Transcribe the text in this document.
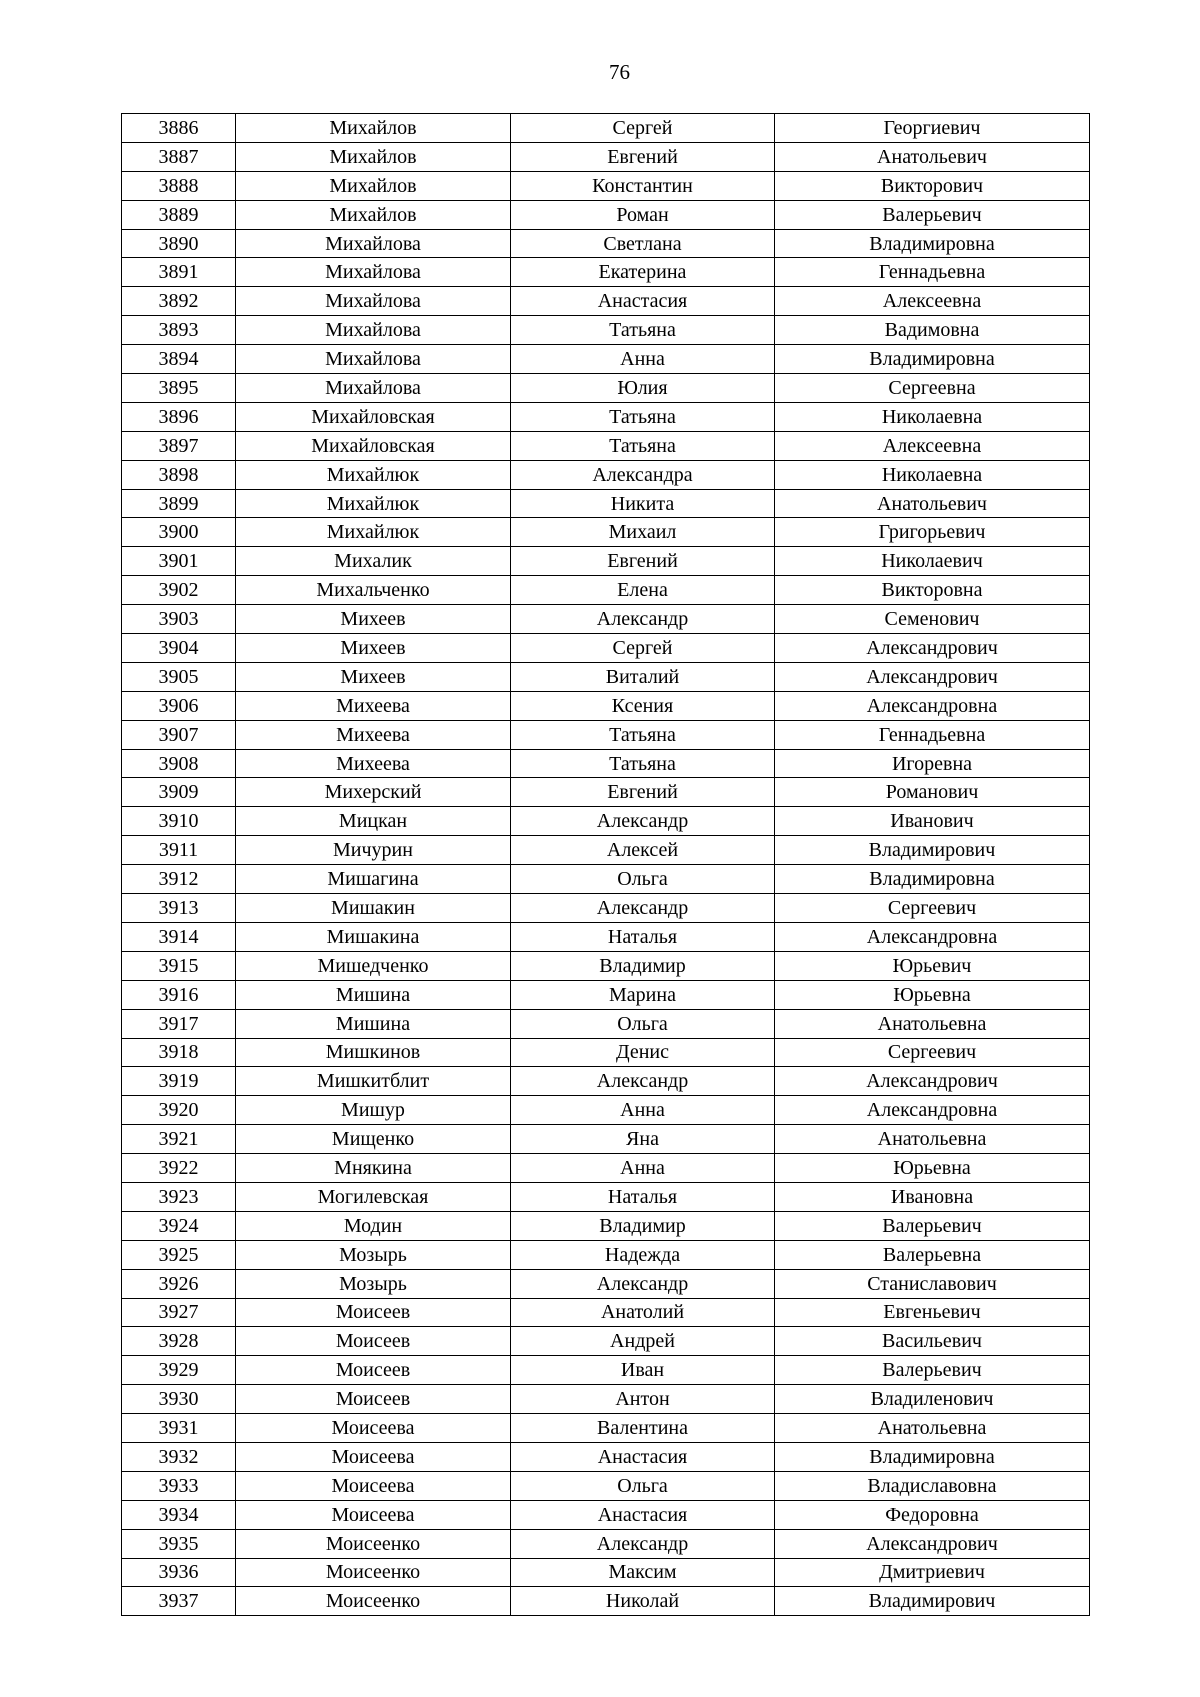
76
3886	Михайлов	Сергей	Георгиевич
3887	Михайлов	Евгений	Анатольевич
3888	Михайлов	Константин	Викторович
3889	Михайлов	Роман	Валерьевич
3890	Михайлова	Светлана	Владимировна
3891	Михайлова	Екатерина	Геннадьевна
3892	Михайлова	Анастасия	Алексеевна
3893	Михайлова	Татьяна	Вадимовна
3894	Михайлова	Анна	Владимировна
3895	Михайлова	Юлия	Сергеевна
3896	Михайловская	Татьяна	Николаевна
3897	Михайловская	Татьяна	Алексеевна
3898	Михайлюк	Александра	Николаевна
3899	Михайлюк	Никита	Анатольевич
3900	Михайлюк	Михаил	Григорьевич
3901	Михалик	Евгений	Николаевич
3902	Михальченко	Елена	Викторовна
3903	Михеев	Александр	Семенович
3904	Михеев	Сергей	Александрович
3905	Михеев	Виталий	Александрович
3906	Михеева	Ксения	Александровна
3907	Михеева	Татьяна	Геннадьевна
3908	Михеева	Татьяна	Игоревна
3909	Михерский	Евгений	Романович
3910	Мицкан	Александр	Иванович
3911	Мичурин	Алексей	Владимирович
3912	Мишагина	Ольга	Владимировна
3913	Мишакин	Александр	Сергеевич
3914	Мишакина	Наталья	Александровна
3915	Мишедченко	Владимир	Юрьевич
3916	Мишина	Марина	Юрьевна
3917	Мишина	Ольга	Анатольевна
3918	Мишкинов	Денис	Сергеевич
3919	Мишкитблит	Александр	Александрович
3920	Мишур	Анна	Александровна
3921	Мищенко	Яна	Анатольевна
3922	Мнякина	Анна	Юрьевна
3923	Могилевская	Наталья	Ивановна
3924	Модин	Владимир	Валерьевич
3925	Мозырь	Надежда	Валерьевна
3926	Мозырь	Александр	Станиславович
3927	Моисеев	Анатолий	Евгеньевич
3928	Моисеев	Андрей	Васильевич
3929	Моисеев	Иван	Валерьевич
3930	Моисеев	Антон	Владиленович
3931	Моисеева	Валентина	Анатольевна
3932	Моисеева	Анастасия	Владимировна
3933	Моисеева	Ольга	Владиславовна
3934	Моисеева	Анастасия	Федоровна
3935	Моисеенко	Александр	Александрович
3936	Моисеенко	Максим	Дмитриевич
3937	Моисеенко	Николай	Владимирович
